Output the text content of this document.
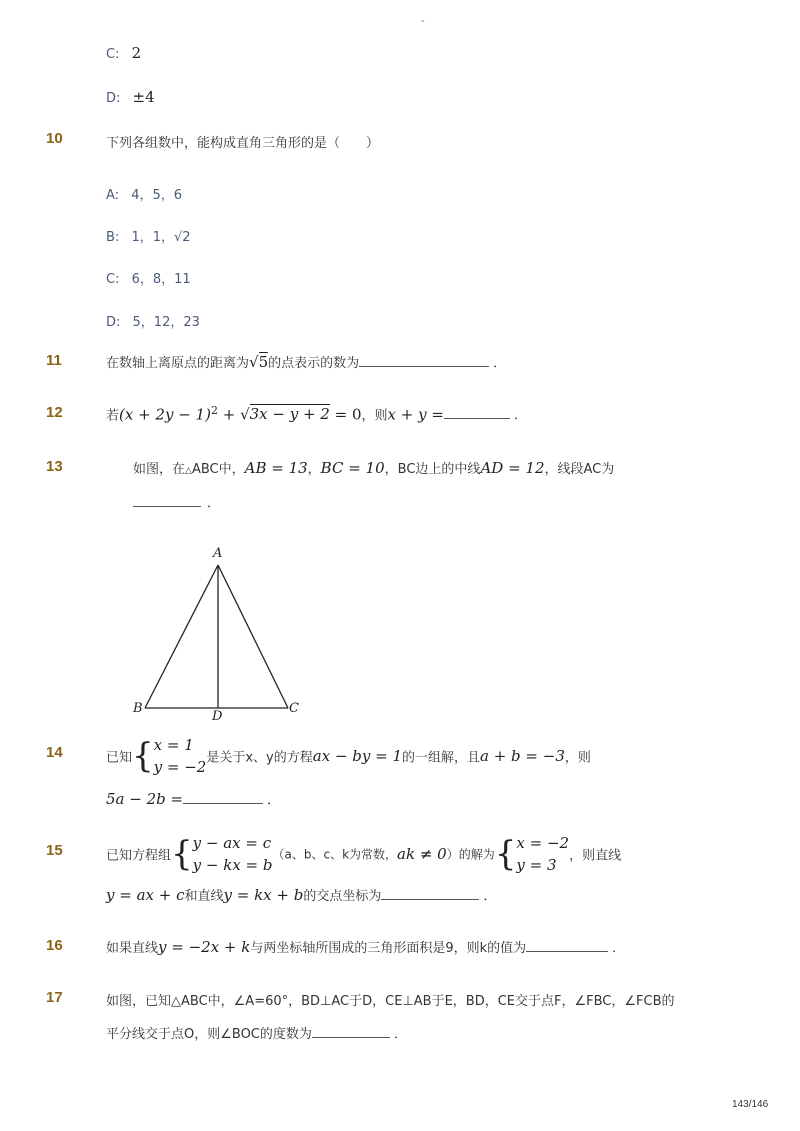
-
C: 2
D: ±4
10	下列各组数中，能构成直角三角形的是（　　）
A: 4，5，6
B: 1，1，√2
C: 6，8，11
D: 5，12，23
11	在数轴上离原点的距离为√5的点表示的数为	．
12	若$(x + 2y - 1)^2 + √3x - y + 2 = 0$，则x + y =	．
13	如图，在△ABC中，AB = 13，BC = 10，BC边上的中线AD = 12，线段AC为
．
A
B	C
D
14	已知{ x = 1
y = −2 是关于x、y的方程ax − by = 1的一组解，且a + b = −3，则
5a − 2b =	．
15	已知方程组{ y − ax = c
y − kx = b
（a、b、c、k为常数，ak ≠ 0）的解为{ x = −2
y = 3 ，则直线
y = ax + c和直线y = kx + b的交点坐标为	．
16	如果直线y = −2x + k与两坐标轴所围成的三角形面积是9，则k的值为	．
17	如图，已知△ABC中，∠A=60°，BD⊥AC于D，CE⊥AB于E，BD，CE交于点F，∠FBC，∠FCB的
平分线交于点O，则∠BOC的度数为	．
143/146
